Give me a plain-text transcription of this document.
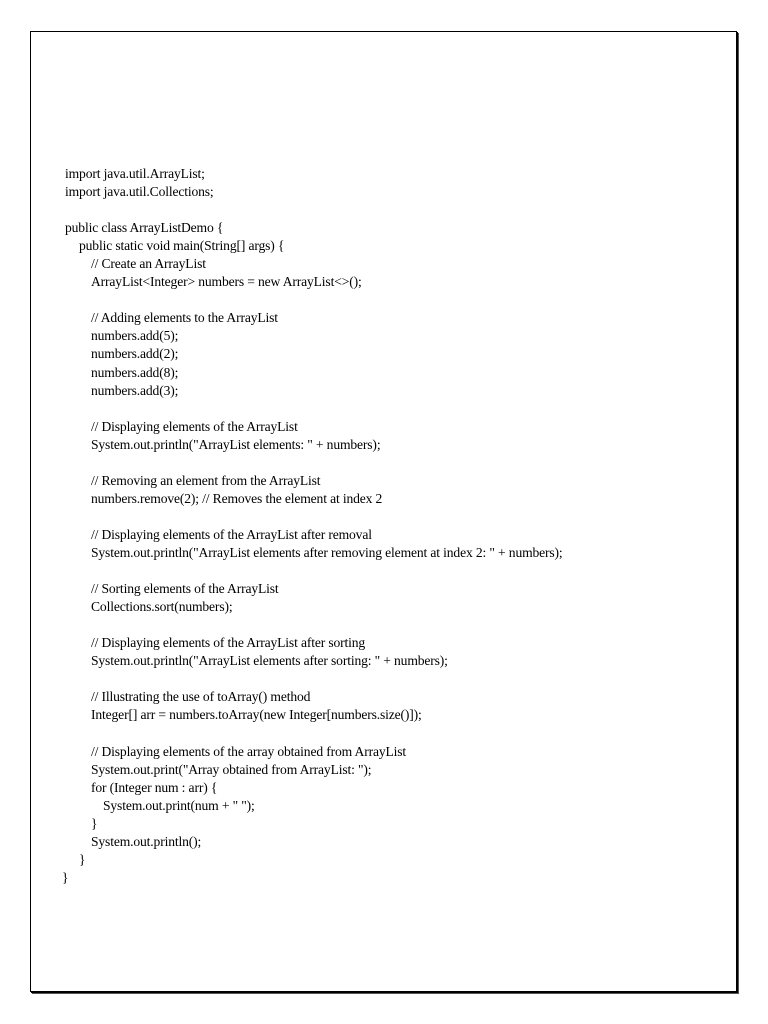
import java.util.ArrayList;
import java.util.Collections;
public class ArrayListDemo {
public static void main(String[] args) {
// Create an ArrayList
ArrayList<Integer> numbers = new ArrayList<>();
// Adding elements to the ArrayList
numbers.add(5);
numbers.add(2);
numbers.add(8);
numbers.add(3);
// Displaying elements of the ArrayList
System.out.println("ArrayList elements: " + numbers);
// Removing an element from the ArrayList
numbers.remove(2); // Removes the element at index 2
// Displaying elements of the ArrayList after removal
System.out.println("ArrayList elements after removing element at index 2: " + numbers);
// Sorting elements of the ArrayList
Collections.sort(numbers);
// Displaying elements of the ArrayList after sorting
System.out.println("ArrayList elements after sorting: " + numbers);
// Illustrating the use of toArray() method
Integer[] arr = numbers.toArray(new Integer[numbers.size()]);
// Displaying elements of the array obtained from ArrayList
System.out.print("Array obtained from ArrayList: ");
for (Integer num : arr) {
System.out.print(num + " ");
}
System.out.println();
}
}
